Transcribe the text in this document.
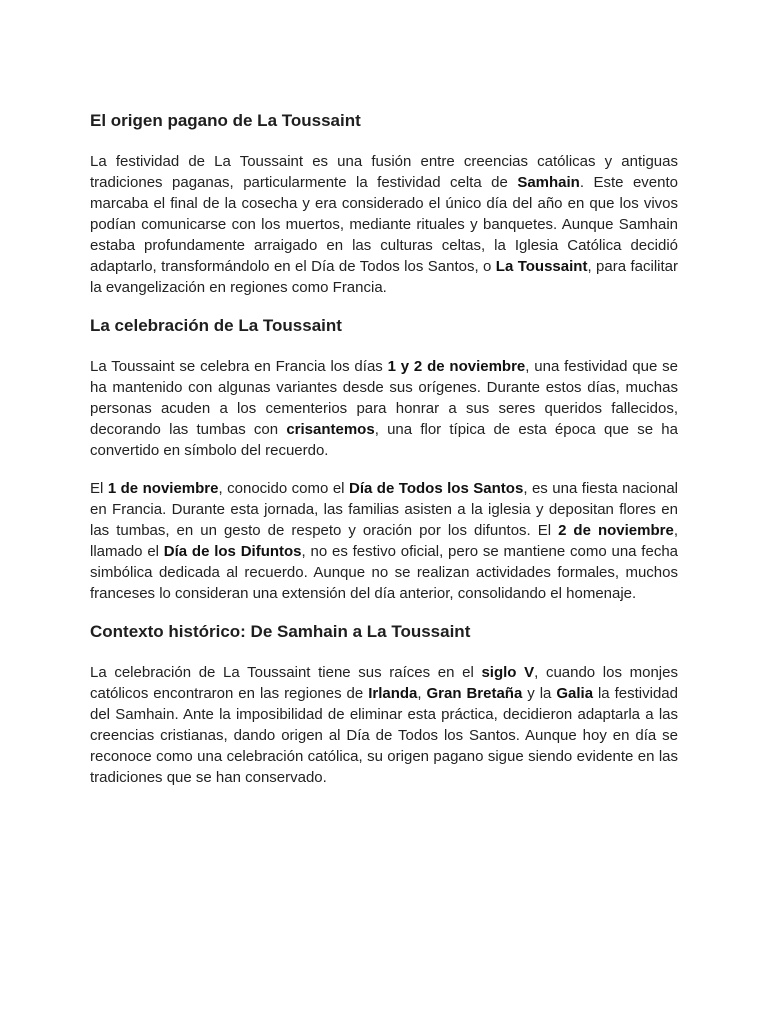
El origen pagano de La Toussaint

La festividad de La Toussaint es una fusión entre creencias católicas y antiguas tradiciones paganas, particularmente la festividad celta de Samhain. Este evento marcaba el final de la cosecha y era considerado el único día del año en que los vivos podían comunicarse con los muertos, mediante rituales y banquetes. Aunque Samhain estaba profundamente arraigado en las culturas celtas, la Iglesia Católica decidió adaptarlo, transformándolo en el Día de Todos los Santos, o La Toussaint, para facilitar la evangelización en regiones como Francia.

La celebración de La Toussaint

La Toussaint se celebra en Francia los días 1 y 2 de noviembre, una festividad que se ha mantenido con algunas variantes desde sus orígenes. Durante estos días, muchas personas acuden a los cementerios para honrar a sus seres queridos fallecidos, decorando las tumbas con crisantemos, una flor típica de esta época que se ha convertido en símbolo del recuerdo.

El 1 de noviembre, conocido como el Día de Todos los Santos, es una fiesta nacional en Francia. Durante esta jornada, las familias asisten a la iglesia y depositan flores en las tumbas, en un gesto de respeto y oración por los difuntos. El 2 de noviembre, llamado el Día de los Difuntos, no es festivo oficial, pero se mantiene como una fecha simbólica dedicada al recuerdo. Aunque no se realizan actividades formales, muchos franceses lo consideran una extensión del día anterior, consolidando el homenaje.

Contexto histórico: De Samhain a La Toussaint

La celebración de La Toussaint tiene sus raíces en el siglo V, cuando los monjes católicos encontraron en las regiones de Irlanda, Gran Bretaña y la Galia la festividad del Samhain. Ante la imposibilidad de eliminar esta práctica, decidieron adaptarla a las creencias cristianas, dando origen al Día de Todos los Santos. Aunque hoy en día se reconoce como una celebración católica, su origen pagano sigue siendo evidente en las tradiciones que se han conservado.
